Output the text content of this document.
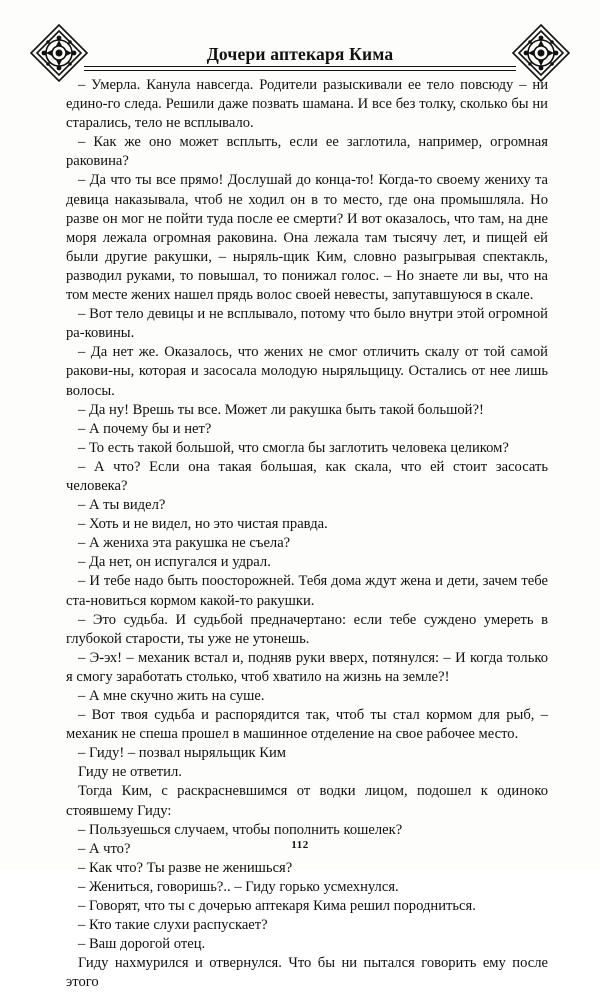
Дочери аптекаря Кима

– Умерла. Канула навсегда. Родители разыскивали ее тело повсюду – ни едино-го следа. Решили даже позвать шамана. И все без толку, сколько бы ни старались, тело не всплывало.

– Как же оно может всплыть, если ее заглотила, например, огромная раковина?

– Да что ты все прямо! Дослушай до конца-то! Когда-то своему жениху та девица наказывала, чтоб не ходил он в то место, где она промышляла. Но разве он мог не пойти туда после ее смерти? И вот оказалось, что там, на дне моря лежала огромная раковина. Она лежала там тысячу лет, и пищей ей были другие ракушки, – ныряль-щик Ким, словно разыгрывая спектакль, разводил руками, то повышал, то понижал голос. – Но знаете ли вы, что на том месте жених нашел прядь волос своей невесты, запутавшуюся в скале.

– Вот тело девицы и не всплывало, потому что было внутри этой огромной ра-ковины.

– Да нет же. Оказалось, что жених не смог отличить скалу от той самой ракови-ны, которая и засосала молодую ныряльщицу. Остались от нее лишь волосы.

– Да ну! Врешь ты все. Может ли ракушка быть такой большой?!

– А почему бы и нет?

– То есть такой большой, что смогла бы заглотить человека целиком?

– А что? Если она такая большая, как скала, что ей стоит засосать человека?

– А ты видел?

– Хоть и не видел, но это чистая правда.

– А жениха эта ракушка не съела?

– Да нет, он испугался и удрал.

– И тебе надо быть поосторожней. Тебя дома ждут жена и дети, зачем тебе ста-новиться кормом какой-то ракушки.

– Это судьба. И судьбой предначертано: если тебе суждено умереть в глубокой старости, ты уже не утонешь.

– Э-эх! – механик встал и, подняв руки вверх, потянулся: – И когда только я смогу заработать столько, чтоб хватило на жизнь на земле?!

– А мне скучно жить на суше.

– Вот твоя судьба и распорядится так, чтоб ты стал кормом для рыб, –механик не спеша прошел в машинное отделение на свое рабочее место.

– Гиду! – позвал ныряльщик Ким

Гиду не ответил.

Тогда Ким, с раскрасневшимся от водки лицом, подошел к одиноко стоявшему Гиду:

– Пользуешься случаем, чтобы пополнить кошелек?

– А что?

– Как что? Ты разве не женишься?

– Жениться, говоришь?.. – Гиду горько усмехнулся.

– Говорят, что ты с дочерью аптекаря Кима решил породниться.

– Кто такие слухи распускает?

– Ваш дорогой отец.

Гиду нахмурился и отвернулся. Что бы ни пытался говорить ему после этого

112
